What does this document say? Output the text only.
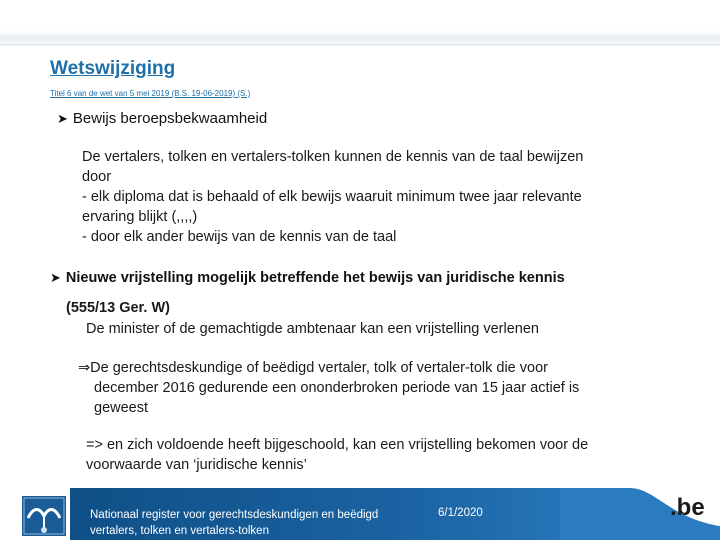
Wetswijziging
Titel 6 van de wet van 5 mei 2019 (B.S. 19-06-2019) (S.)
➤ Bewijs beroepsbekwaamheid
De vertalers, tolken en vertalers-tolken kunnen de kennis van de taal bewijzen
door
- elk diploma dat is behaald of elk bewijs waaruit minimum twee jaar relevante
ervaring blijkt (,,,,)
- door elk ander bewijs van de kennis van de taal
➤ Nieuwe vrijstelling mogelijk betreffende het bewijs van juridische kennis
(555/13 Ger. W)
De minister of de gemachtigde ambtenaar kan een vrijstelling verlenen
⇒De gerechtsdeskundige of beëdigd vertaler, tolk of vertaler-tolk die voor
december 2016 gedurende een ononderbroken periode van 15 jaar actief is
geweest
=> en zich voldoende heeft bijgeschoold, kan een vrijstelling bekomen voor de
voorwaarde van ‘juridische kennis’
Nationaal register voor gerechtsdeskundigen en beëdigd
vertalers, tolken en vertalers-tolken
6/1/2020	.be
